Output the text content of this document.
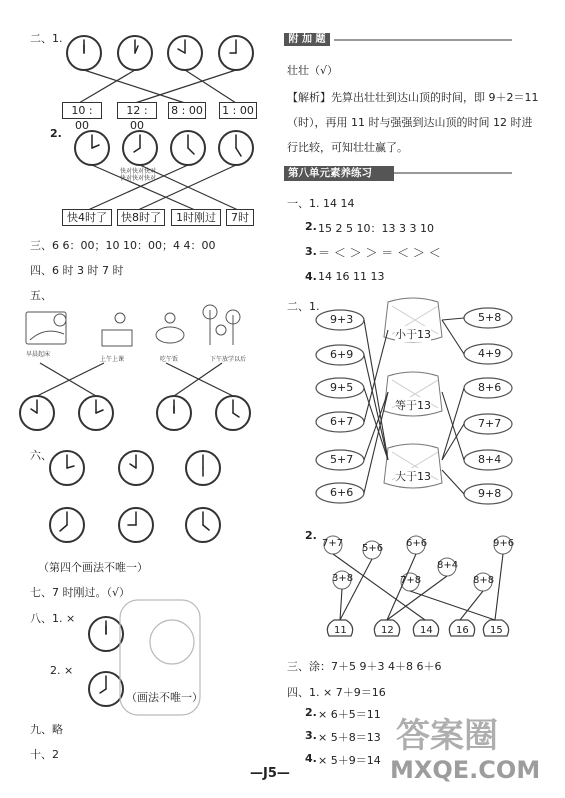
二、1.
10 : 00
12 : 00
8 : 00 1 : 00
2.
快对快对快对
快对快对快对
快4时了	快8时了	1时刚过	7时
三、6 6：00；10 10：00；4 4：00
四、6 时 3 时 7 时
五、
早晨起床
上午上课	吃午饭	下午放学以后
六、
（第四个画法不唯一）
七、7 时刚过。（√）
八、1. ×
2. ×
（画法不唯一）
九、略
十、2
附 加 题
壮壮（√）
【解析】先算出壮壮到达山顶的时间，即 9＋2＝11
（时），再用 11 时与强强到达山顶的时间 12 时进
行比较，可知壮壮赢了。
第八单元素养练习
一、1. 14 14
2. 15 2 5 10：13 3 3 10
3. ＝ ＜ ＞ ＞ ＝ ＜ ＞ ＜
4. 14 16 11 13
二、1.
9+3
6+9
9+5
6+7
5+7
6+6
5+8
4+9
8+6
7+7
8+4
9+8
小于13
等于13
大于13
2.
7+7 5+6 6+6	9+6
3+8	7+8
8+4
8+8
11	12	14 16 15
三、涂：7＋5 9＋3 4＋8 6＋6
四、1. × 7＋9＝16
2. × 6＋5＝11
3. × 5＋8＝13
4. × 5＋9＝14
—J5—
答案圈
MXQE.COM
